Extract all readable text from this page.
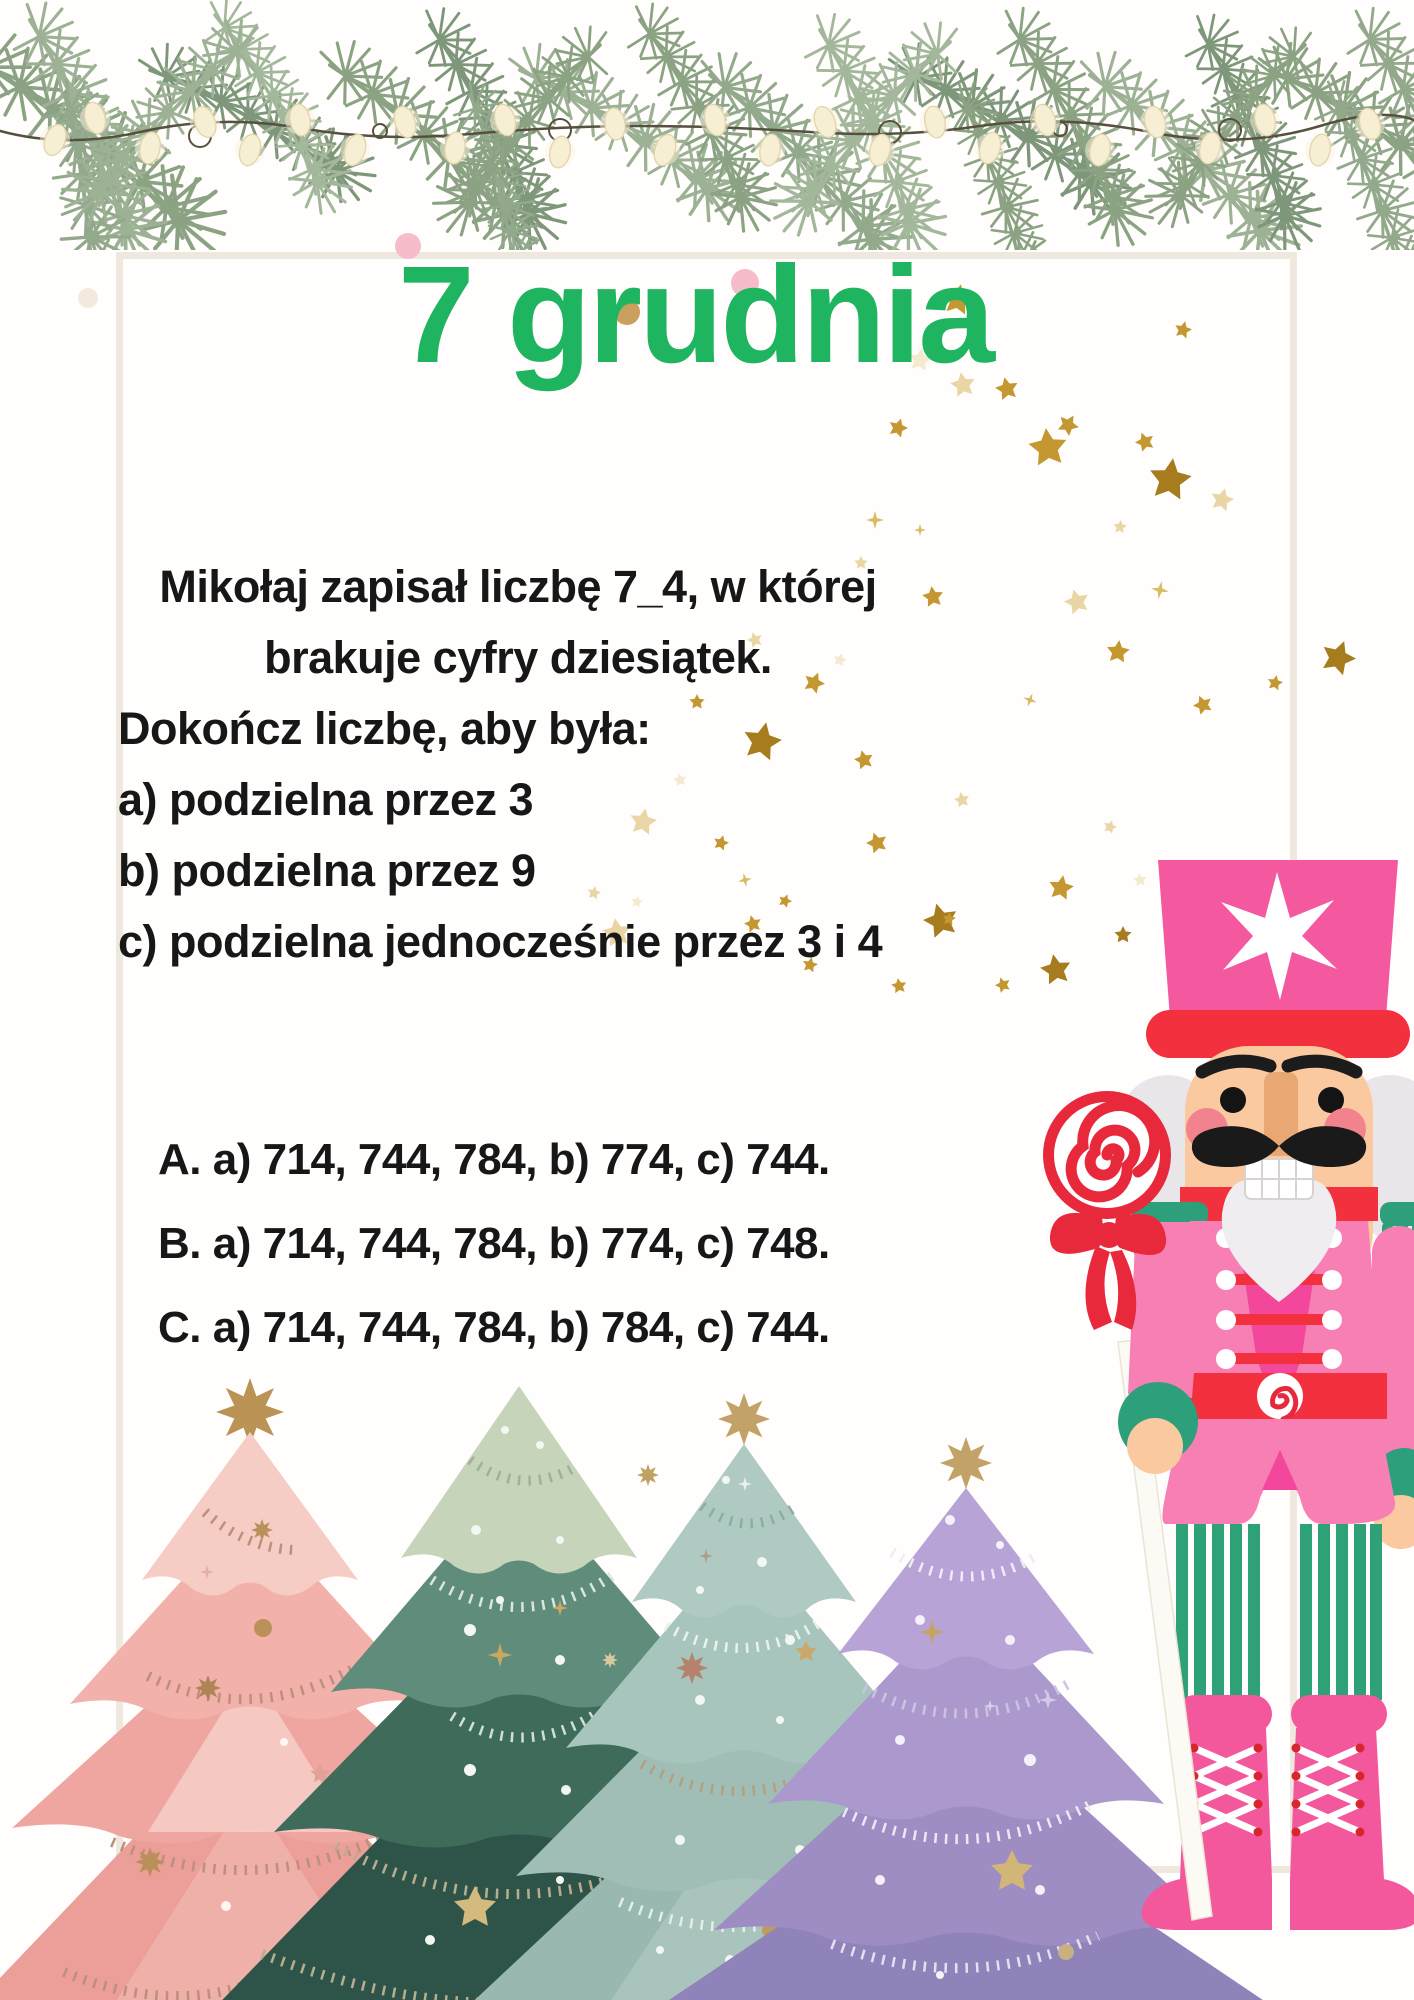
7 grudnia
Mikołaj zapisał liczbę 7_4, w której
brakuje cyfry dziesiątek.
Dokończ liczbę, aby była:
a) podzielna przez 3
b) podzielna przez 9
c) podzielna jednocześnie przez 3 i 4
A. a) 714, 744, 784, b) 774, c) 744.
B. a) 714, 744, 784, b) 774, c) 748.
C. a) 714, 744, 784, b) 784, c) 744.
